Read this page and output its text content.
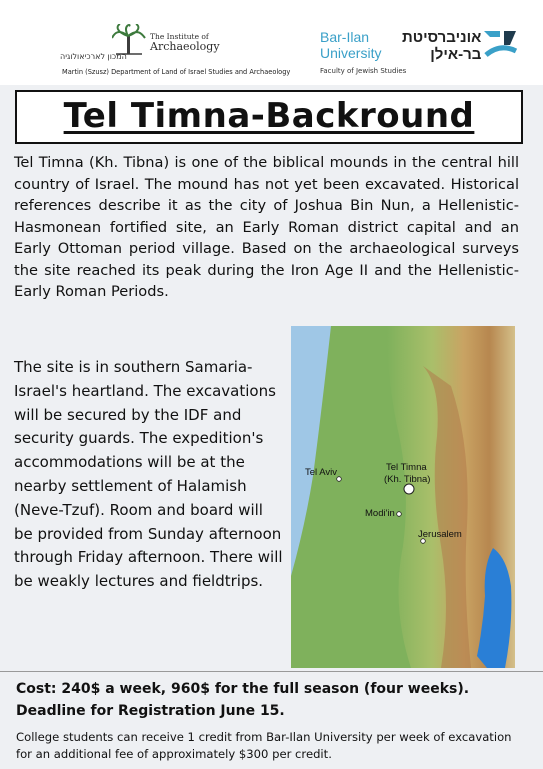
המכון לארכיאולוגיה
The Institute of
Archaeology
Martin (Szusz) Department of Land of Israel Studies and Archaeology
Bar-Ilan
University
אוניברסיטת
בר-אילן
Faculty of Jewish Studies
Tel Timna-Backround
Tel Timna (Kh. Tibna) is one of the biblical mounds in the central hill country of Israel. The mound has not yet been excavated. Historical references describe it as the city of Joshua Bin Nun, a Hellenistic-Hasmonean fortified site, an Early Roman district capital and an Early Ottoman period village. Based on the archaeological surveys the site reached its peak during the Iron Age II and the Hellenistic-Early Roman Periods.
The site is in southern Samaria- Israel's heartland. The excavations will be secured by the IDF and security guards. The expedition's accommodations will be at the nearby settlement of Halamish (Neve-Tzuf). Room and board will be provided from Sunday afternoon through Friday afternoon. There will be weakly lectures and fieldtrips.
Tel Aviv	Tel Timna
(Kh. Tibna)
Modi'in
Jerusalem
Cost: 240$ a week, 960$ for the full season (four weeks).
Deadline for Registration June 15.
College students can receive 1 credit from Bar-Ilan University per week of excavation for an additional fee of approximately $300 per credit.
